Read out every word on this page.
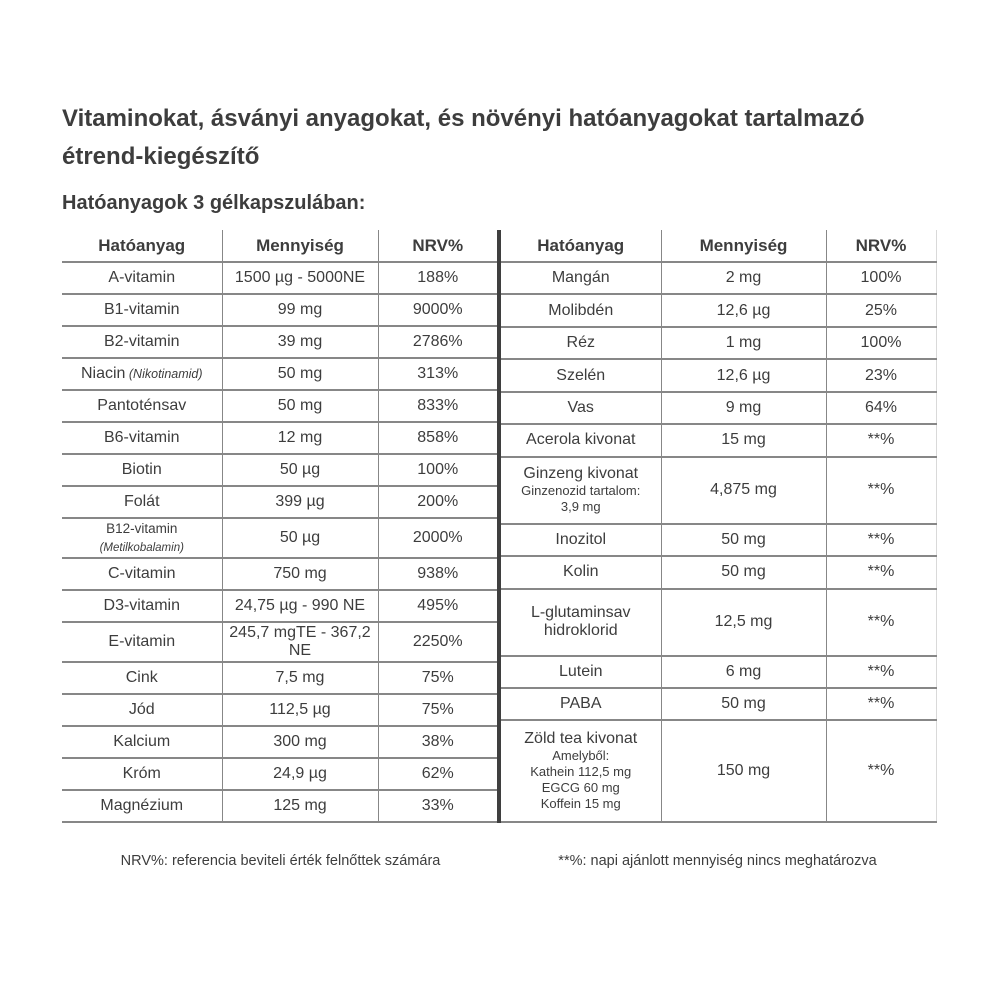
Vitaminokat, ásványi anyagokat, és növényi hatóanyagokat tartalmazó étrend-kiegészítő
Hatóanyagok 3 gélkapszulában:
Hatóanyag	Mennyiség	NRV%
A-vitamin	1500 µg - 5000NE	188%
B1-vitamin	99 mg	9000%
B2-vitamin	39 mg	2786%
Niacin (Nikotinamid)	50 mg	313%
Pantoténsav	50 mg	833%
B6-vitamin	12 mg	858%
Biotin	50 µg	100%
Folát	399 µg	200%
B12-vitamin (Metilkobalamin)	50 µg	2000%
C-vitamin	750 mg	938%
D3-vitamin	24,75 µg - 990 NE	495%
E-vitamin	245,7 mgTE - 367,2 NE	2250%
Cink	7,5 mg	75%
Jód	112,5 µg	75%
Kalcium	300 mg	38%
Króm	24,9 µg	62%
Magnézium	125 mg	33%
Hatóanyag	Mennyiség	NRV%
Mangán	2 mg	100%
Molibdén	12,6 µg	25%
Réz	1 mg	100%
Szelén	12,6 µg	23%
Vas	9 mg	64%
Acerola kivonat	15 mg	**%
Ginzeng kivonat
Ginzenozid tartalom:
3,9 mg	4,875 mg	**%
Inozitol	50 mg	**%
Kolin	50 mg	**%
L-glutaminsav hidroklorid	12,5 mg	**%
Lutein	6 mg	**%
PABA	50 mg	**%
Zöld tea kivonat
Amelyből:
Kathein 112,5 mg
EGCG 60 mg
Koffein 15 mg	150 mg	**%
NRV%: referencia beviteli érték felnőttek számára	**%: napi ajánlott mennyiség nincs meghatározva
